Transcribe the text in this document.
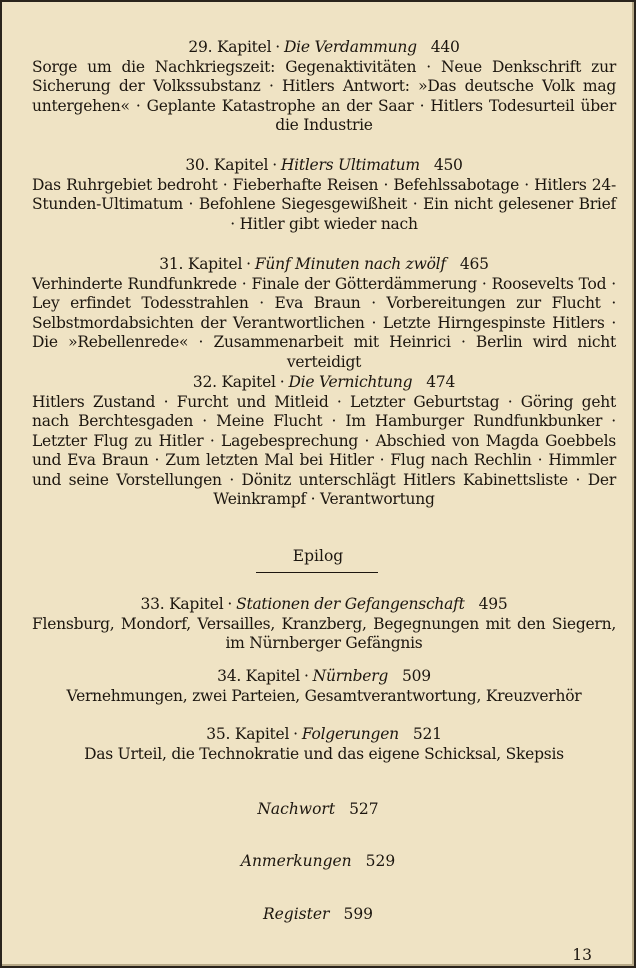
29. Kapitel · Die Verdammung 440
Sorge um die Nachkriegszeit: Gegenaktivitäten · Neue Denkschrift zur Sicherung der Volkssubstanz · Hitlers Antwort: »Das deutsche Volk mag untergehen« · Geplante Katastrophe an der Saar · Hitlers Todesurteil über die Industrie
30. Kapitel · Hitlers Ultimatum 450
Das Ruhrgebiet bedroht · Fieberhafte Reisen · Befehlssabotage · Hitlers 24-Stunden-Ultimatum · Befohlene Siegesgewißheit · Ein nicht gelesener Brief · Hitler gibt wieder nach
31. Kapitel · Fünf Minuten nach zwölf 465
Verhinderte Rundfunkrede · Finale der Götterdämmerung · Roosevelts Tod · Ley erfindet Todesstrahlen · Eva Braun · Vorbereitungen zur Flucht · Selbstmordabsichten der Verantwortlichen · Letzte Hirngespinste Hitlers · Die »Rebellenrede« · Zusammenarbeit mit Heinrici · Berlin wird nicht verteidigt
32. Kapitel · Die Vernichtung 474
Hitlers Zustand · Furcht und Mitleid · Letzter Geburtstag · Göring geht nach Berchtesgaden · Meine Flucht · Im Hamburger Rundfunkbunker · Letzter Flug zu Hitler · Lagebesprechung · Abschied von Magda Goebbels und Eva Braun · Zum letzten Mal bei Hitler · Flug nach Rechlin · Himmler und seine Vorstellungen · Dönitz unterschlägt Hitlers Kabinettsliste · Der Weinkrampf · Verantwortung
Epilog
33. Kapitel · Stationen der Gefangenschaft 495
Flensburg, Mondorf, Versailles, Kranzberg, Begegnungen mit den Siegern, im Nürnberger Gefängnis
34. Kapitel · Nürnberg 509
Vernehmungen, zwei Parteien, Gesamtverantwortung, Kreuzverhör
35. Kapitel · Folgerungen 521
Das Urteil, die Technokratie und das eigene Schicksal, Skepsis
Nachwort 527
Anmerkungen 529
Register 599
13
